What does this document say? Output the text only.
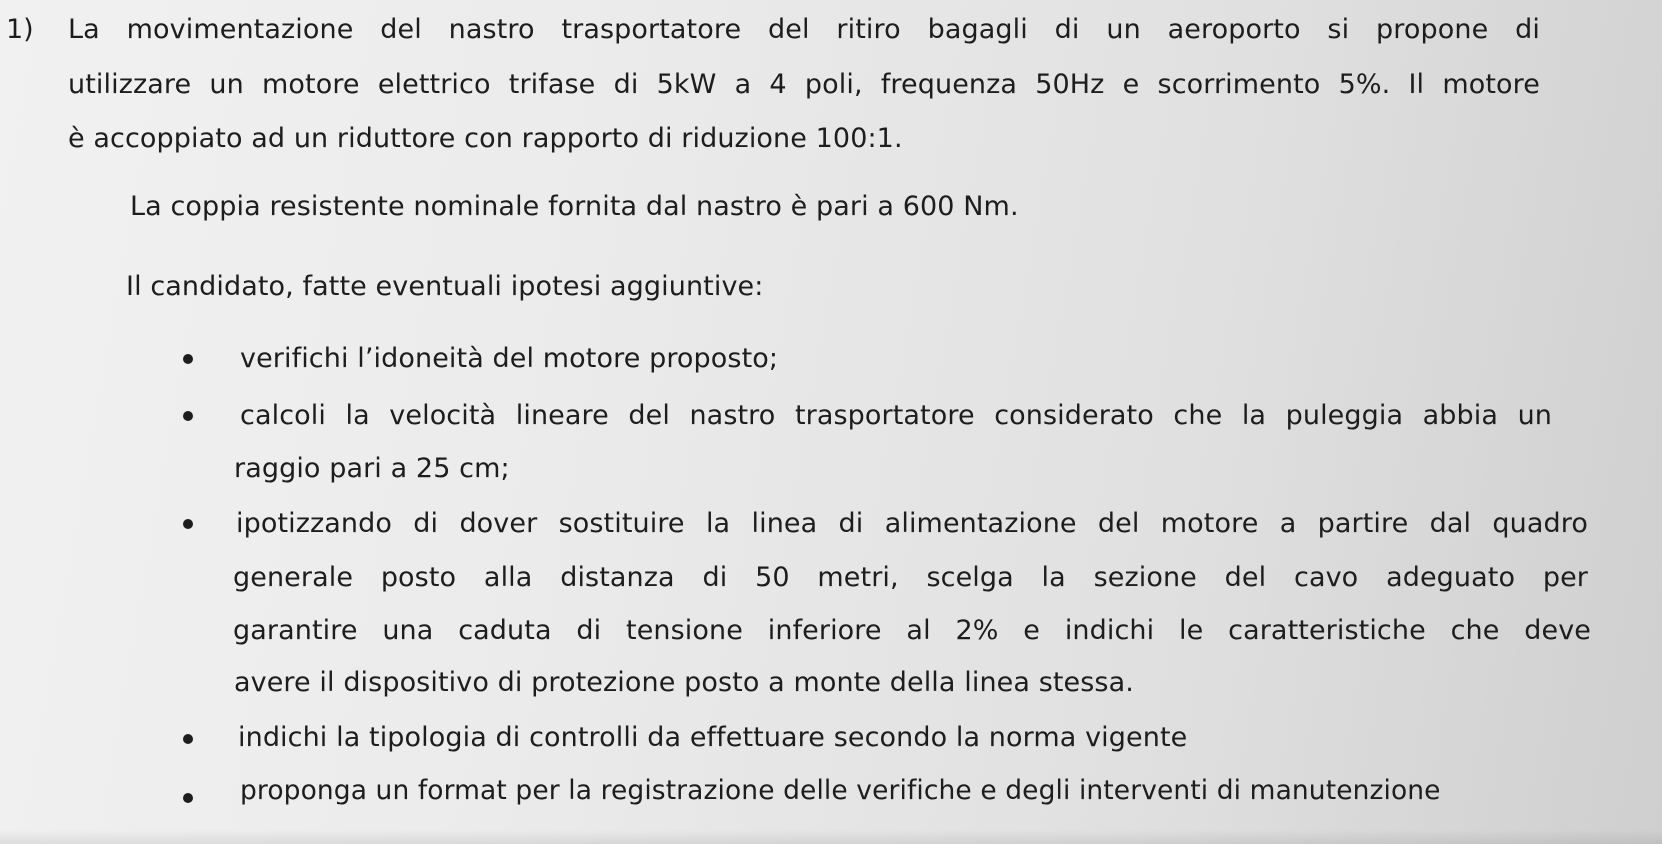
1) La movimentazione del nastro trasportatore del ritiro bagagli di un aeroporto si propone di
utilizzare un motore elettrico trifase di 5kW a 4 poli, frequenza 50Hz e scorrimento 5%. Il motore
è accoppiato ad un riduttore con rapporto di riduzione 100:1.
La coppia resistente nominale fornita dal nastro è pari a 600 Nm.
Il candidato, fatte eventuali ipotesi aggiuntive:
verifichi l’idoneità del motore proposto;
calcoli la velocità lineare del nastro trasportatore considerato che la puleggia abbia un
raggio pari a 25 cm;
ipotizzando di dover sostituire la linea di alimentazione del motore a partire dal quadro
generale posto alla distanza di 50 metri, scelga la sezione del cavo adeguato per
garantire una caduta di tensione inferiore al 2% e indichi le caratteristiche che deve
avere il dispositivo di protezione posto a monte della linea stessa.
indichi la tipologia di controlli da effettuare secondo la norma vigente
proponga un format per la registrazione delle verifiche e degli interventi di manutenzione
